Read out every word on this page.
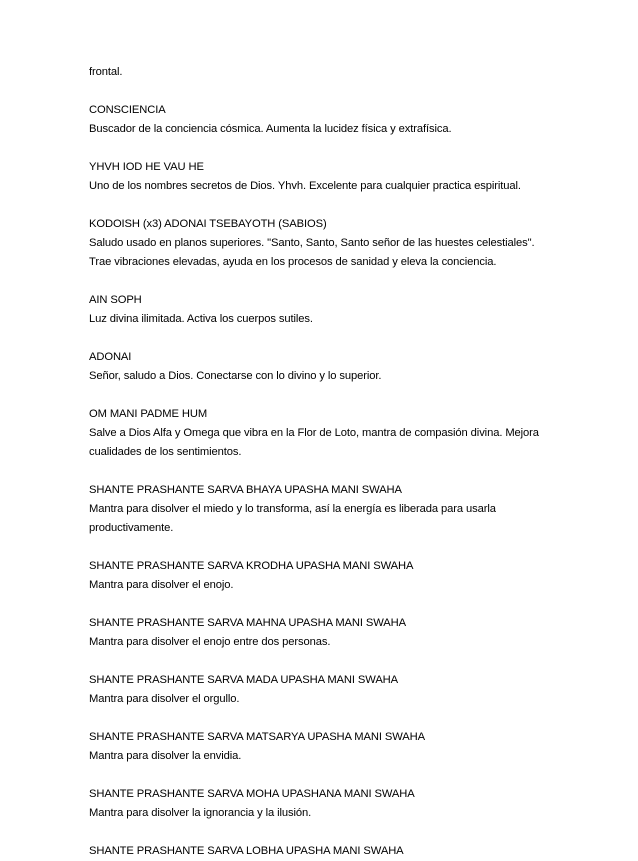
frontal.
CONSCIENCIA
Buscador de la conciencia cósmica. Aumenta la lucidez física y extrafísica.
YHVH IOD HE VAU HE
Uno de los nombres secretos de Dios. Yhvh. Excelente para cualquier practica espiritual.
KODOISH (x3) ADONAI TSEBAYOTH (SABIOS)
Saludo usado en planos superiores. "Santo, Santo, Santo señor de las huestes celestiales".
Trae vibraciones elevadas, ayuda en los procesos de sanidad y eleva la conciencia.
AIN SOPH
Luz divina ilimitada. Activa los cuerpos sutiles.
ADONAI
Señor, saludo a Dios. Conectarse con lo divino y lo superior.
OM MANI PADME HUM
Salve a Dios Alfa y Omega que vibra en la Flor de Loto, mantra de compasión divina. Mejora
cualidades de los sentimientos.
SHANTE PRASHANTE SARVA BHAYA UPASHA MANI SWAHA
Mantra para disolver el miedo y lo transforma, así la energía es liberada para usarla
productivamente.
SHANTE PRASHANTE SARVA KRODHA UPASHA MANI SWAHA
Mantra para disolver el enojo.
SHANTE PRASHANTE SARVA MAHNA UPASHA MANI SWAHA
Mantra para disolver el enojo entre dos personas.
SHANTE PRASHANTE SARVA MADA UPASHA MANI SWAHA
Mantra para disolver el orgullo.
SHANTE PRASHANTE SARVA MATSARYA UPASHA MANI SWAHA
Mantra para disolver la envidia.
SHANTE PRASHANTE SARVA MOHA UPASHANA MANI SWAHA
Mantra para disolver la ignorancia y la ilusión.
SHANTE PRASHANTE SARVA LOBHA UPASHA MANI SWAHA
